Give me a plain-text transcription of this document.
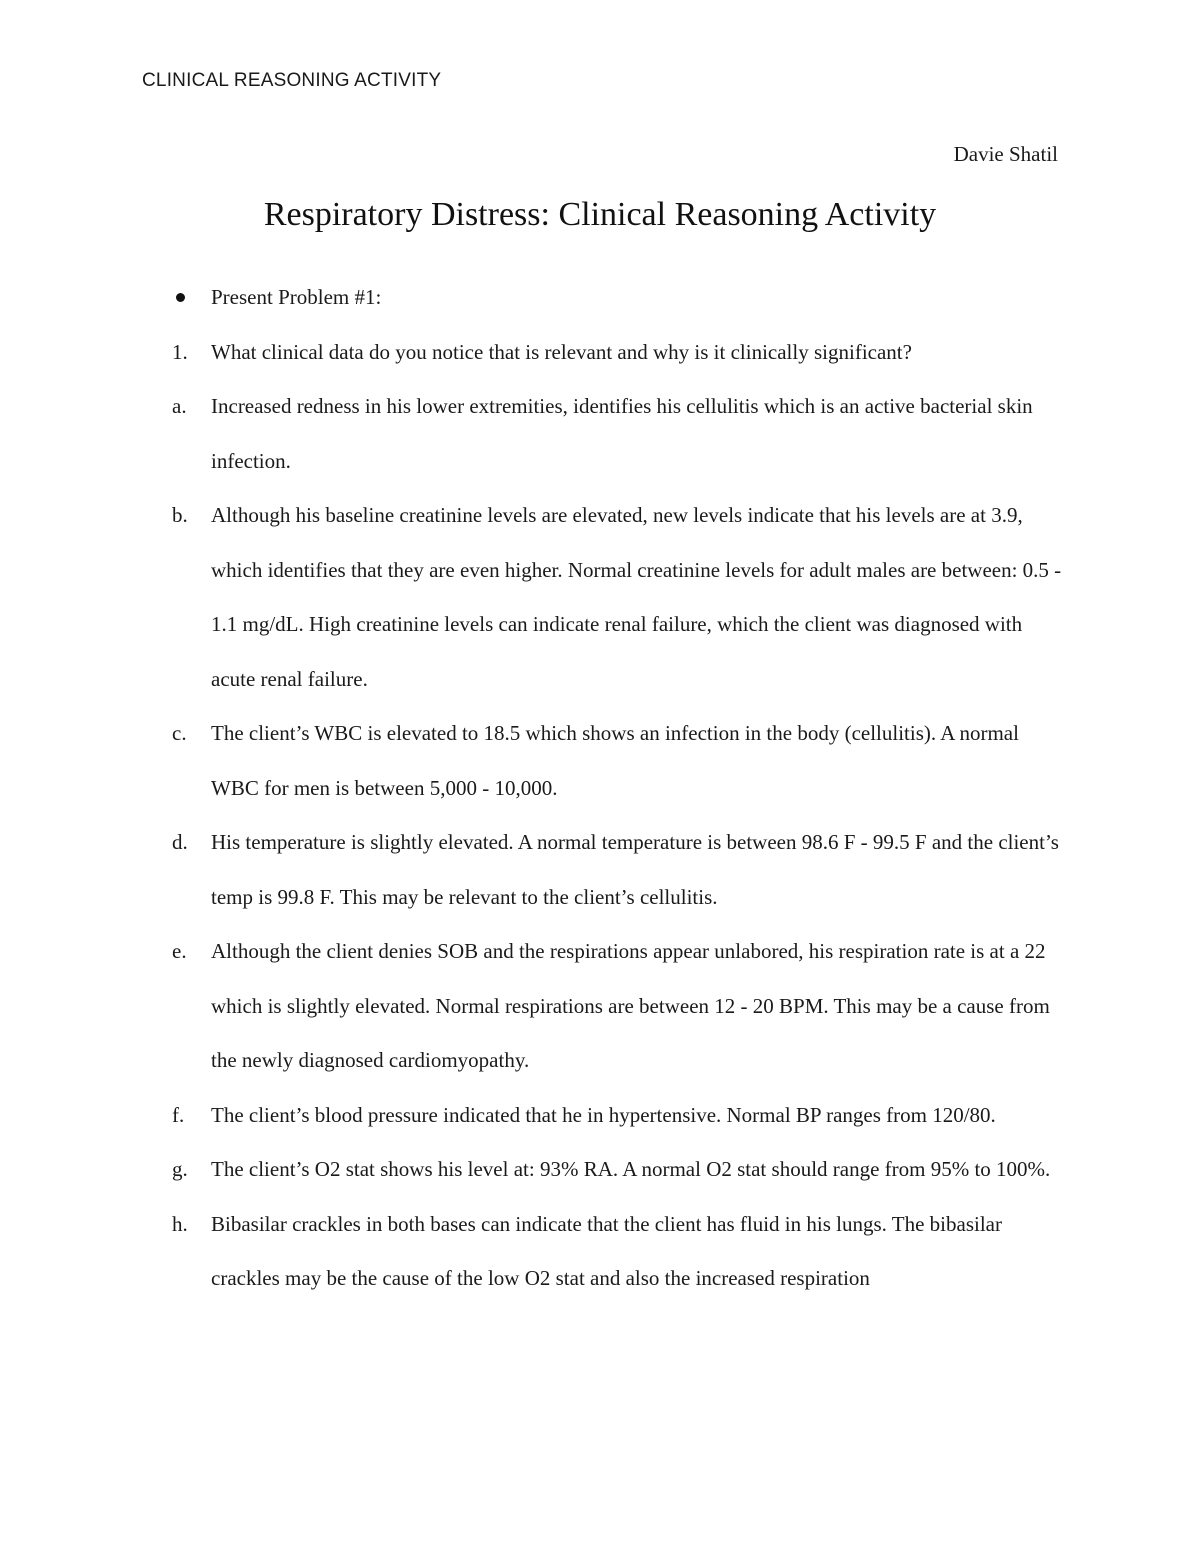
CLINICAL REASONING ACTIVITY
Davie Shatil
Respiratory Distress: Clinical Reasoning Activity
Present Problem #1:
1.	What clinical data do you notice that is relevant and why is it clinically significant?
a.	Increased redness in his lower extremities, identifies his cellulitis which is an active bacterial skin infection.
b.	Although his baseline creatinine levels are elevated, new levels indicate that his levels are at 3.9, which identifies that they are even higher. Normal creatinine levels for adult males are between: 0.5 - 1.1 mg/dL. High creatinine levels can indicate renal failure, which the client was diagnosed with acute renal failure.
c.	The client’s WBC is elevated to 18.5 which shows an infection in the body (cellulitis). A normal WBC for men is between 5,000 - 10,000.
d.	His temperature is slightly elevated. A normal temperature is between 98.6 F - 99.5 F and the client’s temp is 99.8 F. This may be relevant to the client’s cellulitis.
e.	Although the client denies SOB and the respirations appear unlabored, his respiration rate is at a 22 which is slightly elevated. Normal respirations are between 12 - 20 BPM. This may be a cause from the newly diagnosed cardiomyopathy.
f.	The client’s blood pressure indicated that he in hypertensive. Normal BP ranges from 120/80.
g.	The client’s O2 stat shows his level at: 93% RA. A normal O2 stat should range from 95% to 100%.
h.	Bibasilar crackles in both bases can indicate that the client has fluid in his lungs. The bibasilar crackles may be the cause of the low O2 stat and also the increased respiration
